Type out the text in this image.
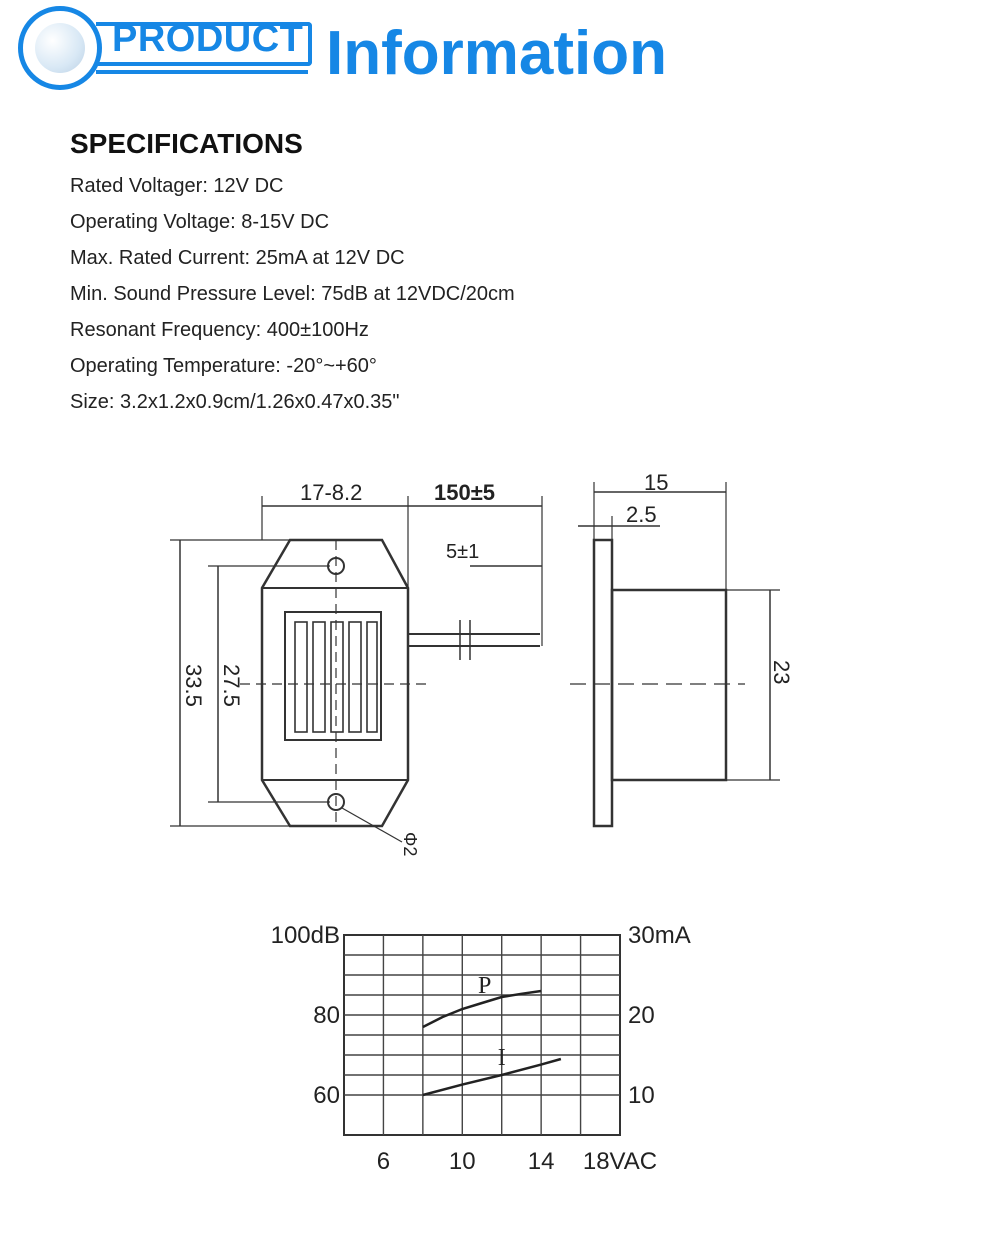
PRODUCT Information
SPECIFICATIONS
Rated Voltager: 12V DC
Operating Voltage: 8-15V DC
Max. Rated Current: 25mA at 12V DC
Min. Sound Pressure Level: 75dB at 12VDC/20cm
Resonant Frequency: 400±100Hz
Operating Temperature: -20°~+60°
Size: 3.2x1.2x0.9cm/1.26x0.47x0.35"
17-8.2	150±5
5±1
33.5 27.5
Φ2
15
2.5
23
6 10 14 18VAC
100dB
80
60
30mA
20
10
P
I
